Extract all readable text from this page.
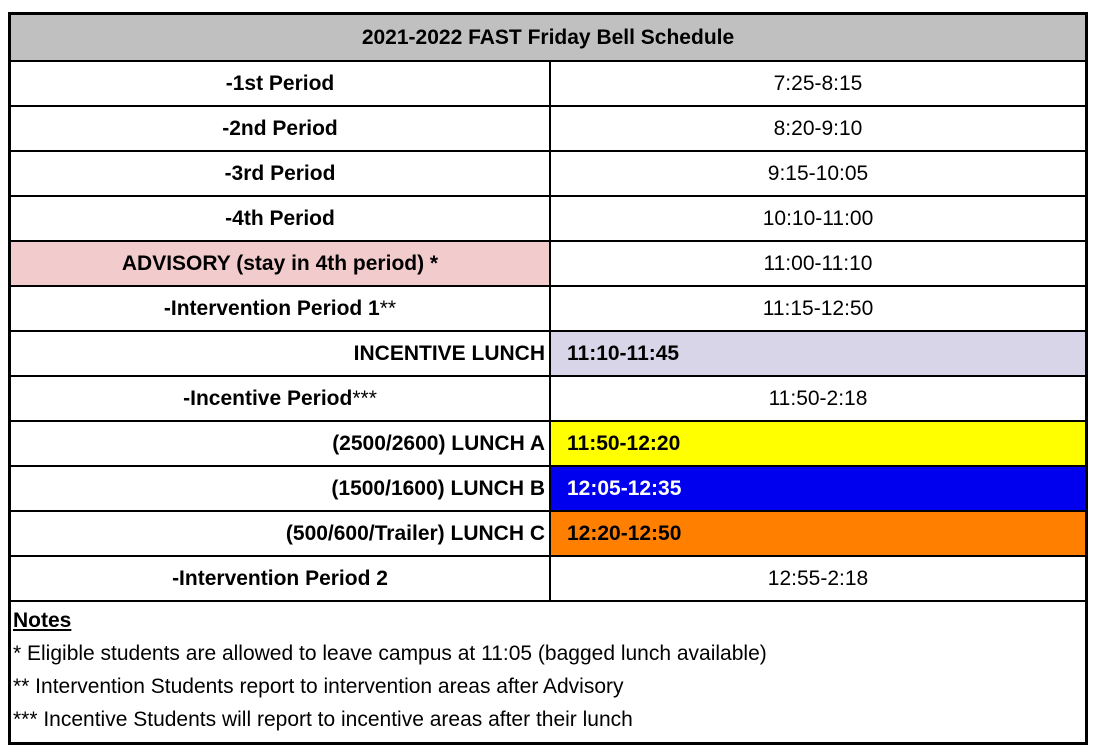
2021-2022 FAST Friday Bell Schedule
-1st Period	7:25-8:15
-2nd Period	8:20-9:10
-3rd Period	9:15-10:05
-4th Period	10:10-11:00
ADVISORY (stay in 4th period) *	11:00-11:10
-Intervention Period 1 **	11:15-12:50
INCENTIVE LUNCH	11:10-11:45
-Incentive Period ***	11:50-2:18
(2500/2600) LUNCH A	11:50-12:20
(1500/1600) LUNCH B	12:05-12:35
(500/600/Trailer) LUNCH C	12:20-12:50
-Intervention Period 2	12:55-2:18
Notes
* Eligible students are allowed to leave campus at 11:05 (bagged lunch available)
** Intervention Students report to intervention areas after Advisory
*** Incentive Students will report to incentive areas after their lunch
